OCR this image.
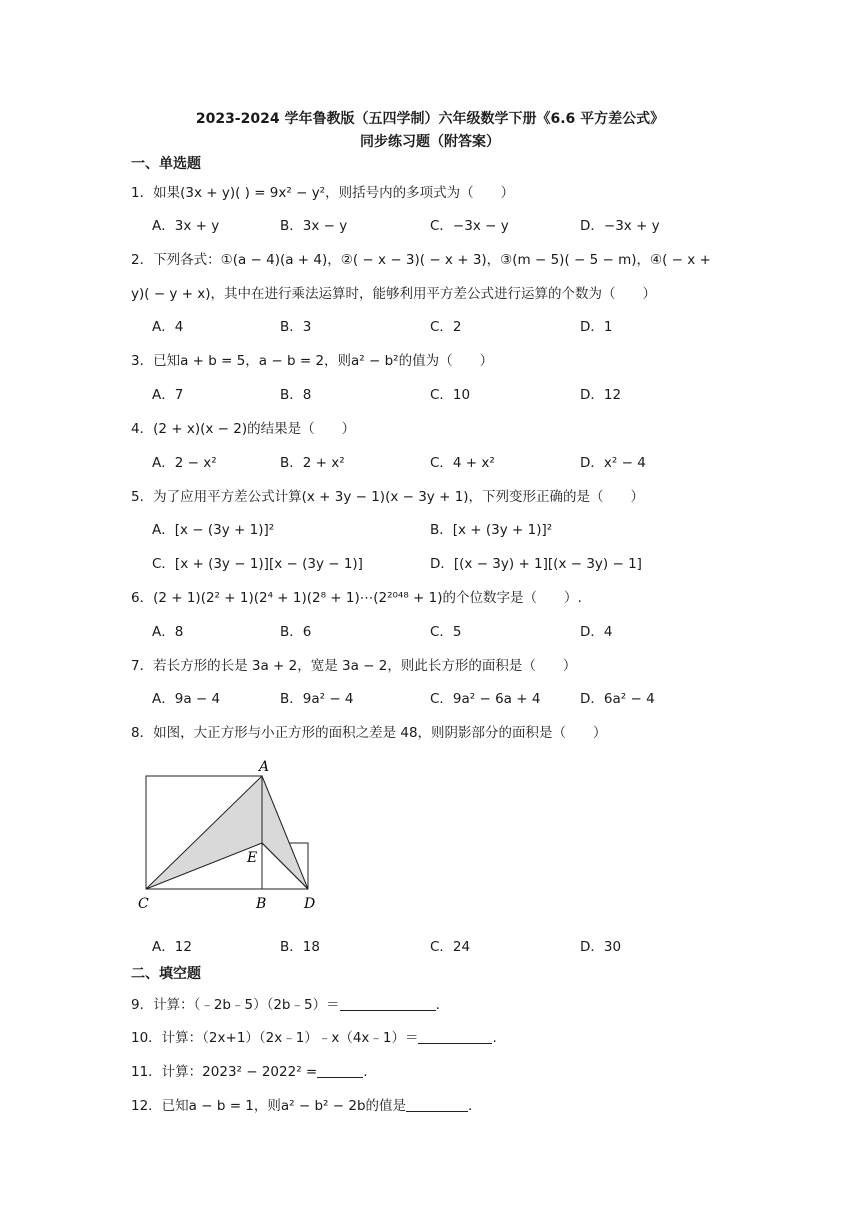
2023-2024 学年鲁教版（五四学制）六年级数学下册《6.6 平方差公式》
同步练习题（附答案）
一、单选题
1．如果(3x + y)( ) = 9x² − y²，则括号内的多项式为（　　）
A．3x + y	B．3x − y	C．−3x − y	D．−3x + y
2．下列各式：①(a − 4)(a + 4)，②( − x − 3)( − x + 3)，③(m − 5)( − 5 − m)，④( − x +
y)( − y + x)，其中在进行乘法运算时，能够利用平方差公式进行运算的个数为（　　）
A．4	B．3	C．2	D．1
3．已知a + b = 5，a − b = 2，则a² − b²的值为（　　）
A．7	B．8	C．10	D．12
4．(2 + x)(x − 2)的结果是（　　）
A．2 − x²	B．2 + x²	C．4 + x²	D．x² − 4
5．为了应用平方差公式计算(x + 3y − 1)(x − 3y + 1)，下列变形正确的是（　　）
A．[x − (3y + 1)]²	B．[x + (3y + 1)]²
C．[x + (3y − 1)][x − (3y − 1)]	D．[(x − 3y) + 1][(x − 3y) − 1]
6．(2 + 1)(2² + 1)(2⁴ + 1)(2⁸ + 1)⋯(2²⁰⁴⁸ + 1)的个位数字是（　　）.
A．8	B．6	C．5	D．4
7．若长方形的长是 3a + 2，宽是 3a − 2，则此长方形的面积是（　　）
A．9a − 4	B．9a² − 4	C．9a² − 6a + 4	D．6a² − 4
8．如图，大正方形与小正方形的面积之差是 48，则阴影部分的面积是（　　）
A
E
C	B	D
A．12	B．18	C．24	D．30
二、填空题
9．计算：（﹣2b﹣5）（2b﹣5）＝	.
10．计算：（2x+1）（2x﹣1）﹣x（4x﹣1）＝	.
11．计算：2023² − 2022² =	.
12．已知a − b = 1，则a² − b² − 2b的值是	.
